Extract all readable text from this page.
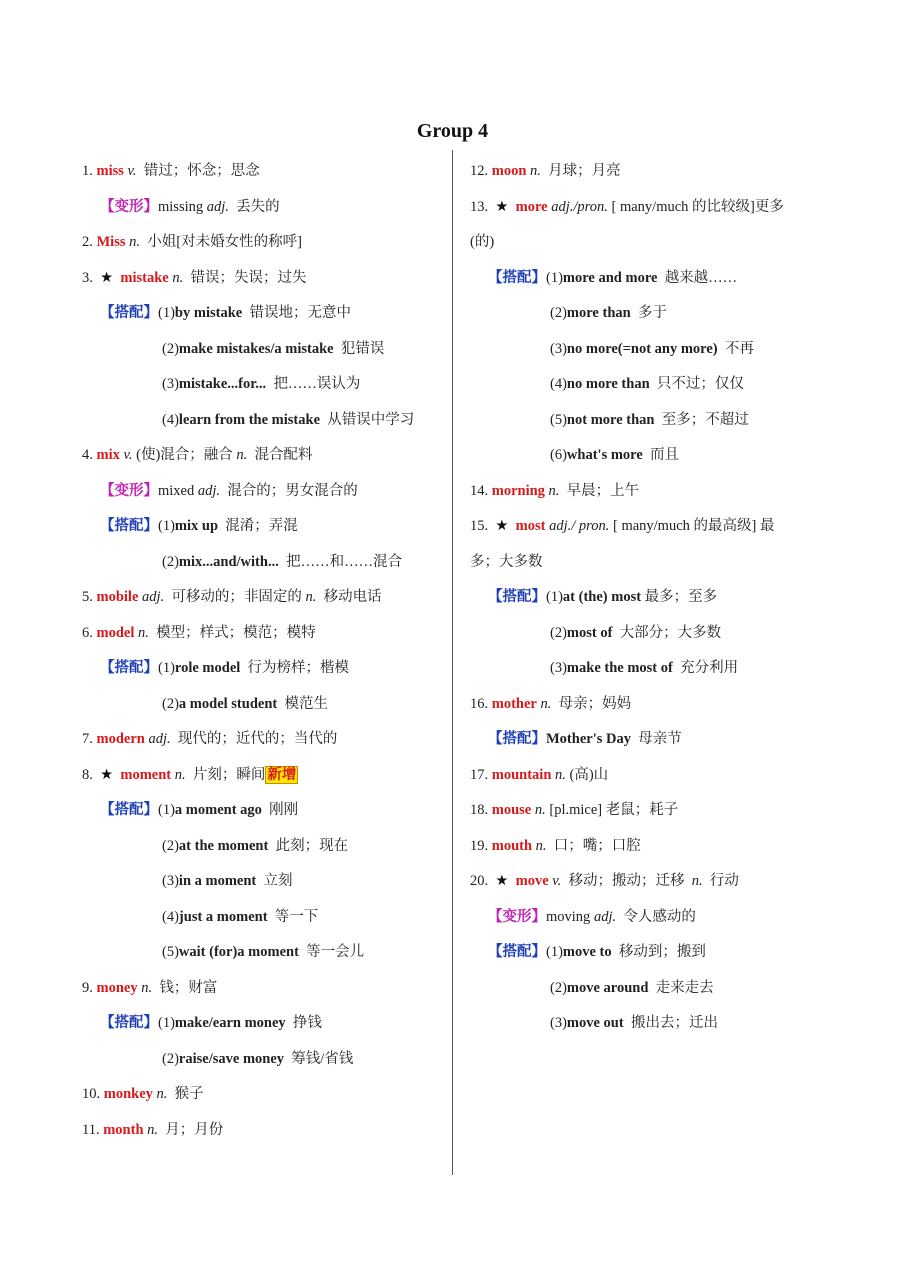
Group 4
1. miss v. 错过；怀念；思念
【变形】missing adj. 丢失的
2. Miss n. 小姐[对未婚女性的称呼]
3. ★ mistake n. 错误；失误；过失
【搭配】(1)by mistake 错误地；无意中
(2)make mistakes/a mistake 犯错误
(3)mistake...for... 把……误认为
(4)learn from the mistake 从错误中学习
4. mix v. (使)混合；融合 n. 混合配料
【变形】mixed adj. 混合的；男女混合的
【搭配】(1)mix up 混淆；弄混
(2)mix...and/with... 把……和……混合
5. mobile adj. 可移动的；非固定的 n. 移动电话
6. model n. 模型；样式；模范；模特
【搭配】(1)role model 行为榜样；楷模
(2)a model student 模范生
7. modern adj. 现代的；近代的；当代的
8. ★ moment n. 片刻；瞬间 新增
【搭配】(1)a moment ago 刚刚
(2)at the moment 此刻；现在
(3)in a moment 立刻
(4)just a moment 等一下
(5)wait (for)a moment 等一会儿
9. money n. 钱；财富
【搭配】(1)make/earn money 挣钱
(2)raise/save money 筹钱/省钱
10. monkey n. 猴子
11. month n. 月；月份
12. moon n. 月球；月亮
13. ★ more adj./pron. [ many/much 的比较级]更多
(的)
【搭配】(1)more and more 越来越……
(2)more than 多于
(3)no more(=not any more) 不再
(4)no more than 只不过；仅仅
(5)not more than 至多；不超过
(6)what's more 而且
14. morning n. 早晨；上午
15. ★ most adj./ pron. [ many/much 的最高级] 最
多；大多数
【搭配】(1)at (the) most 最多；至多
(2)most of 大部分；大多数
(3)make the most of 充分利用
16. mother n. 母亲；妈妈
【搭配】Mother's Day 母亲节
17. mountain n. (高)山
18. mouse n. [pl.mice] 老鼠；耗子
19. mouth n. 口；嘴；口腔
20. ★ move v. 移动；搬动；迁移 n. 行动
【变形】moving adj. 令人感动的
【搭配】(1)move to 移动到；搬到
(2)move around 走来走去
(3)move out 搬出去；迁出
